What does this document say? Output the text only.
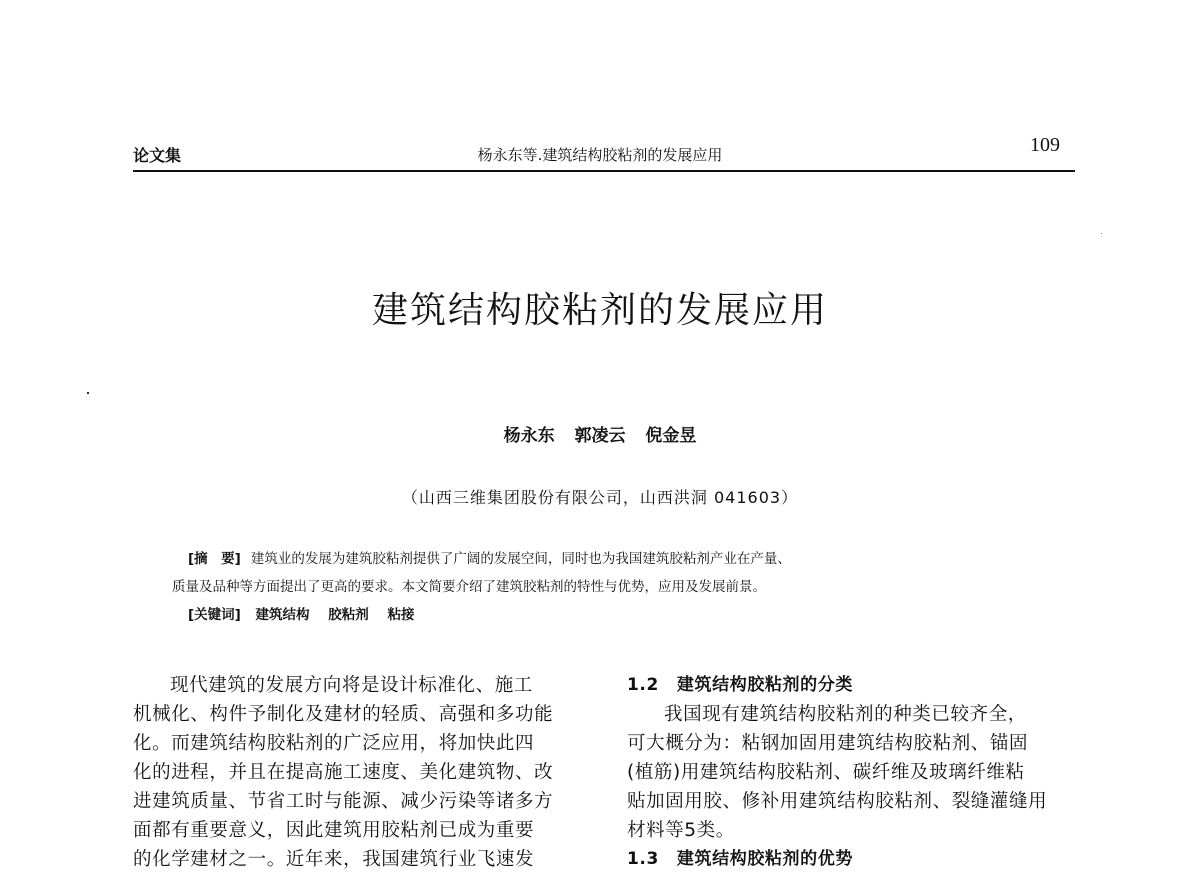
论文集	杨永东等.建筑结构胶粘剂的发展应用	109
建筑结构胶粘剂的发展应用
杨永东 郭凌云 倪金昱
（山西三维集团股份有限公司，山西洪洞 041603）
[摘　要] 建筑业的发展为建筑胶粘剂提供了广阔的发展空间，同时也为我国建筑胶粘剂产业在产量、
质量及品种等方面提出了更高的要求。本文简要介绍了建筑胶粘剂的特性与优势，应用及发展前景。
[关键词] 建筑结构 胶粘剂 粘接
现代建筑的发展方向将是设计标准化、施工
机械化、构件予制化及建材的轻质、高强和多功能
化。而建筑结构胶粘剂的广泛应用，将加快此四
化的进程，并且在提高施工速度、美化建筑物、改
进建筑质量、节省工时与能源、减少污染等诸多方
面都有重要意义，因此建筑用胶粘剂已成为重要
的化学建材之一。近年来，我国建筑行业飞速发
1.2 建筑结构胶粘剂的分类
我国现有建筑结构胶粘剂的种类已较齐全，
可大概分为：粘钢加固用建筑结构胶粘剂、锚固
(植筋)用建筑结构胶粘剂、碳纤维及玻璃纤维粘
贴加固用胶、修补用建筑结构胶粘剂、裂缝灌缝用
材料等5类。
1.3 建筑结构胶粘剂的优势
